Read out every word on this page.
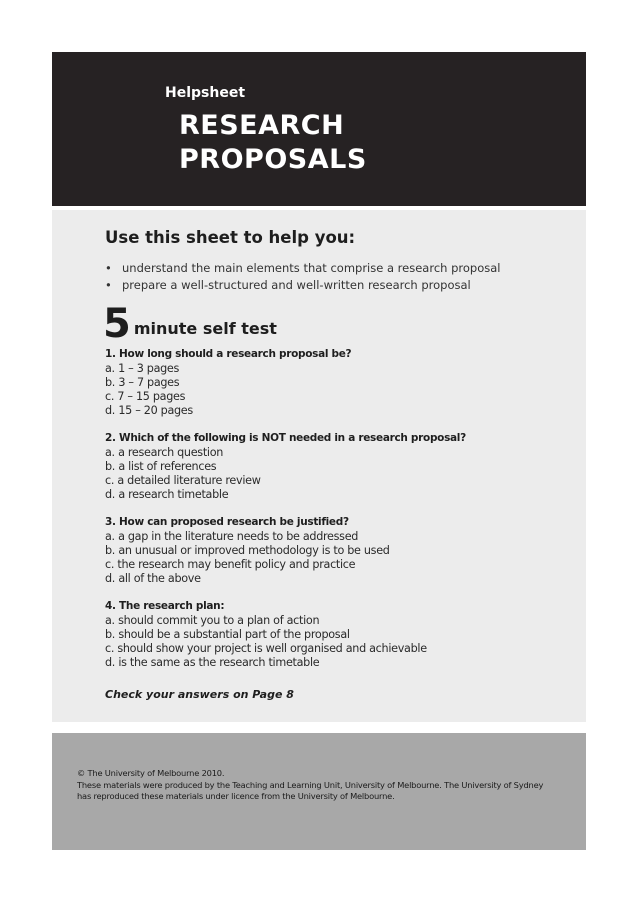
Helpsheet
RESEARCH
PROPOSALS
Use this sheet to help you:
• understand the main elements that comprise a research proposal
• prepare a well-structured and well-written research proposal
5 minute self test
1. How long should a research proposal be?
a. 1 – 3 pages
b. 3 – 7 pages
c. 7 – 15 pages
d. 15 – 20 pages
2. Which of the following is NOT needed in a research proposal?
a. a research question
b. a list of references
c. a detailed literature review
d. a research timetable
3. How can proposed research be justified?
a. a gap in the literature needs to be addressed
b. an unusual or improved methodology is to be used
c. the research may benefit policy and practice
d. all of the above
4. The research plan:
a. should commit you to a plan of action
b. should be a substantial part of the proposal
c. should show your project is well organised and achievable
d. is the same as the research timetable
Check your answers on Page 8
© The University of Melbourne 2010.
These materials were produced by the Teaching and Learning Unit, University of Melbourne. The University of Sydney
has reproduced these materials under licence from the University of Melbourne.
